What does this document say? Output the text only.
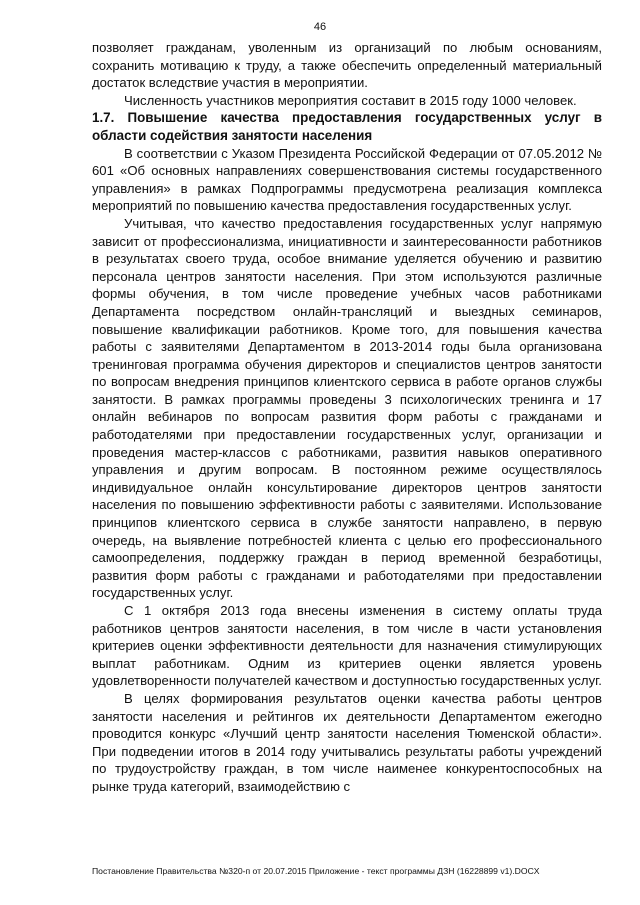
46

позволяет гражданам, уволенным из организаций по любым основаниям, сохранить мотивацию к труду, а также обеспечить определенный материальный достаток вследствие участия в мероприятии.

Численность участников мероприятия составит в 2015 году 1000 человек.

1.7. Повышение качества предоставления государственных услуг в области содействия занятости населения

В соответствии с Указом Президента Российской Федерации от 07.05.2012 № 601 «Об основных направлениях совершенствования системы государственного управления» в рамках Подпрограммы предусмотрена реализация комплекса мероприятий по повышению качества предоставления государственных услуг.

Учитывая, что качество предоставления государственных услуг напрямую зависит от профессионализма, инициативности и заинтересованности работников в результатах своего труда, особое внимание уделяется обучению и развитию персонала центров занятости населения. При этом используются различные формы обучения, в том числе проведение учебных часов работниками Департамента посредством онлайн-трансляций и выездных семинаров, повышение квалификации работников. Кроме того, для повышения качества работы с заявителями Департаментом в 2013-2014 годы была организована тренинговая программа обучения директоров и специалистов центров занятости по вопросам внедрения принципов клиентского сервиса в работе органов службы занятости. В рамках программы проведены 3 психологических тренинга и 17 онлайн вебинаров по вопросам развития форм работы с гражданами и работодателями при предоставлении государственных услуг, организации и проведения мастер-классов с работниками, развития навыков оперативного управления и другим вопросам. В постоянном режиме осуществлялось индивидуальное онлайн консультирование директоров центров занятости населения по повышению эффективности работы с заявителями. Использование принципов клиентского сервиса в службе занятости направлено, в первую очередь, на выявление потребностей клиента с целью его профессионального самоопределения, поддержку граждан в период временной безработицы, развития форм работы с гражданами и работодателями при предоставлении государственных услуг.

С 1 октября 2013 года внесены изменения в систему оплаты труда работников центров занятости населения, в том числе в части установления критериев оценки эффективности деятельности для назначения стимулирующих выплат работникам. Одним из критериев оценки является уровень удовлетворенности получателей качеством и доступностью государственных услуг.

В целях формирования результатов оценки качества работы центров занятости населения и рейтингов их деятельности Департаментом ежегодно проводится конкурс «Лучший центр занятости населения Тюменской области». При подведении итогов в 2014 году учитывались результаты работы учреждений по трудоустройству граждан, в том числе наименее конкурентоспособных на рынке труда категорий, взаимодействию с

Постановление Правительства №320-п от 20.07.2015 Приложение - текст программы ДЗН (16228899 v1).DOCX
